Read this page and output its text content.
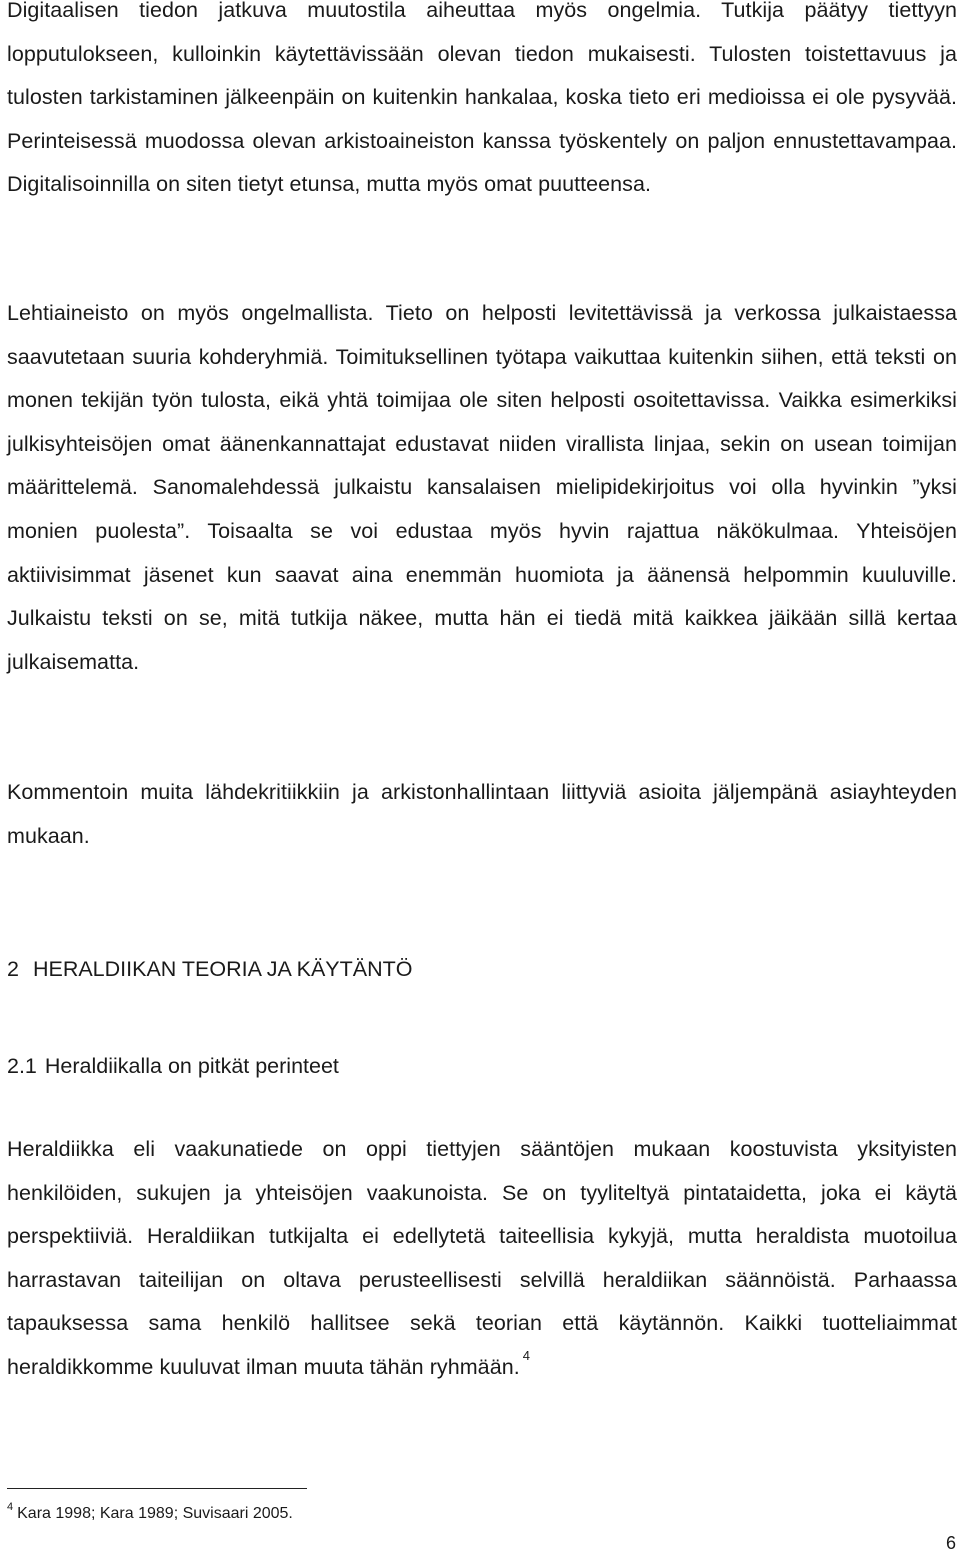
Digitaalisen tiedon jatkuva muutostila aiheuttaa myös ongelmia. Tutkija päätyy tiettyyn lopputulokseen, kulloinkin käytettävissään olevan tiedon mukaisesti. Tulosten toistettavuus ja tulosten tarkistaminen jälkeenpäin on kuitenkin hankalaa, koska tieto eri medioissa ei ole pysyvää. Perinteisessä muodossa olevan arkistoaineiston kanssa työskentely on paljon ennustettavampaa. Digitalisoinnilla on siten tietyt etunsa, mutta myös omat puutteensa.

Lehtiaineisto on myös ongelmallista. Tieto on helposti levitettävissä ja verkossa julkaistaessa saavutetaan suuria kohderyhmiä. Toimituksellinen työtapa vaikuttaa kuitenkin siihen, että teksti on monen tekijän työn tulosta, eikä yhtä toimijaa ole siten helposti osoitettavissa. Vaikka esimerkiksi julkisyhteisöjen omat äänenkannattajat edustavat niiden virallista linjaa, sekin on usean toimijan määrittelemä. Sanomalehdessä julkaistu kansalaisen mielipidekirjoitus voi olla hyvinkin ”yksi monien puolesta”. Toisaalta se voi edustaa myös hyvin rajattua näkökulmaa. Yhteisöjen aktiivisimmat jäsenet kun saavat aina enemmän huomiota ja äänensä helpommin kuuluville. Julkaistu teksti on se, mitä tutkija näkee, mutta hän ei tiedä mitä kaikkea jäikään sillä kertaa julkaisematta.

Kommentoin muita lähdekritiikkiin ja arkistonhallintaan liittyviä asioita jäljempänä asiayhteyden mukaan.

2 HERALDIIKAN TEORIA JA KÄYTÄNTÖ
2.1 Heraldiikalla on pitkät perinteet

Heraldiikka eli vaakunatiede on oppi tiettyjen sääntöjen mukaan koostuvista yksityisten henkilöiden, sukujen ja yhteisöjen vaakunoista. Se on tyyliteltyä pintataidetta, joka ei käytä perspektiiviä. Heraldiikan tutkijalta ei edellytetä taiteellisia kykyjä, mutta heraldista muotoilua harrastavan taiteilijan on oltava perusteellisesti selvillä heraldiikan säännöistä. Parhaassa tapauksessa sama henkilö hallitsee sekä teorian että käytännön. Kaikki tuotteliaimmat heraldikkomme kuuluvat ilman muuta tähän ryhmään. $^4$

$^4$ Kara 1998; Kara 1989; Suvisaari 2005.

6
